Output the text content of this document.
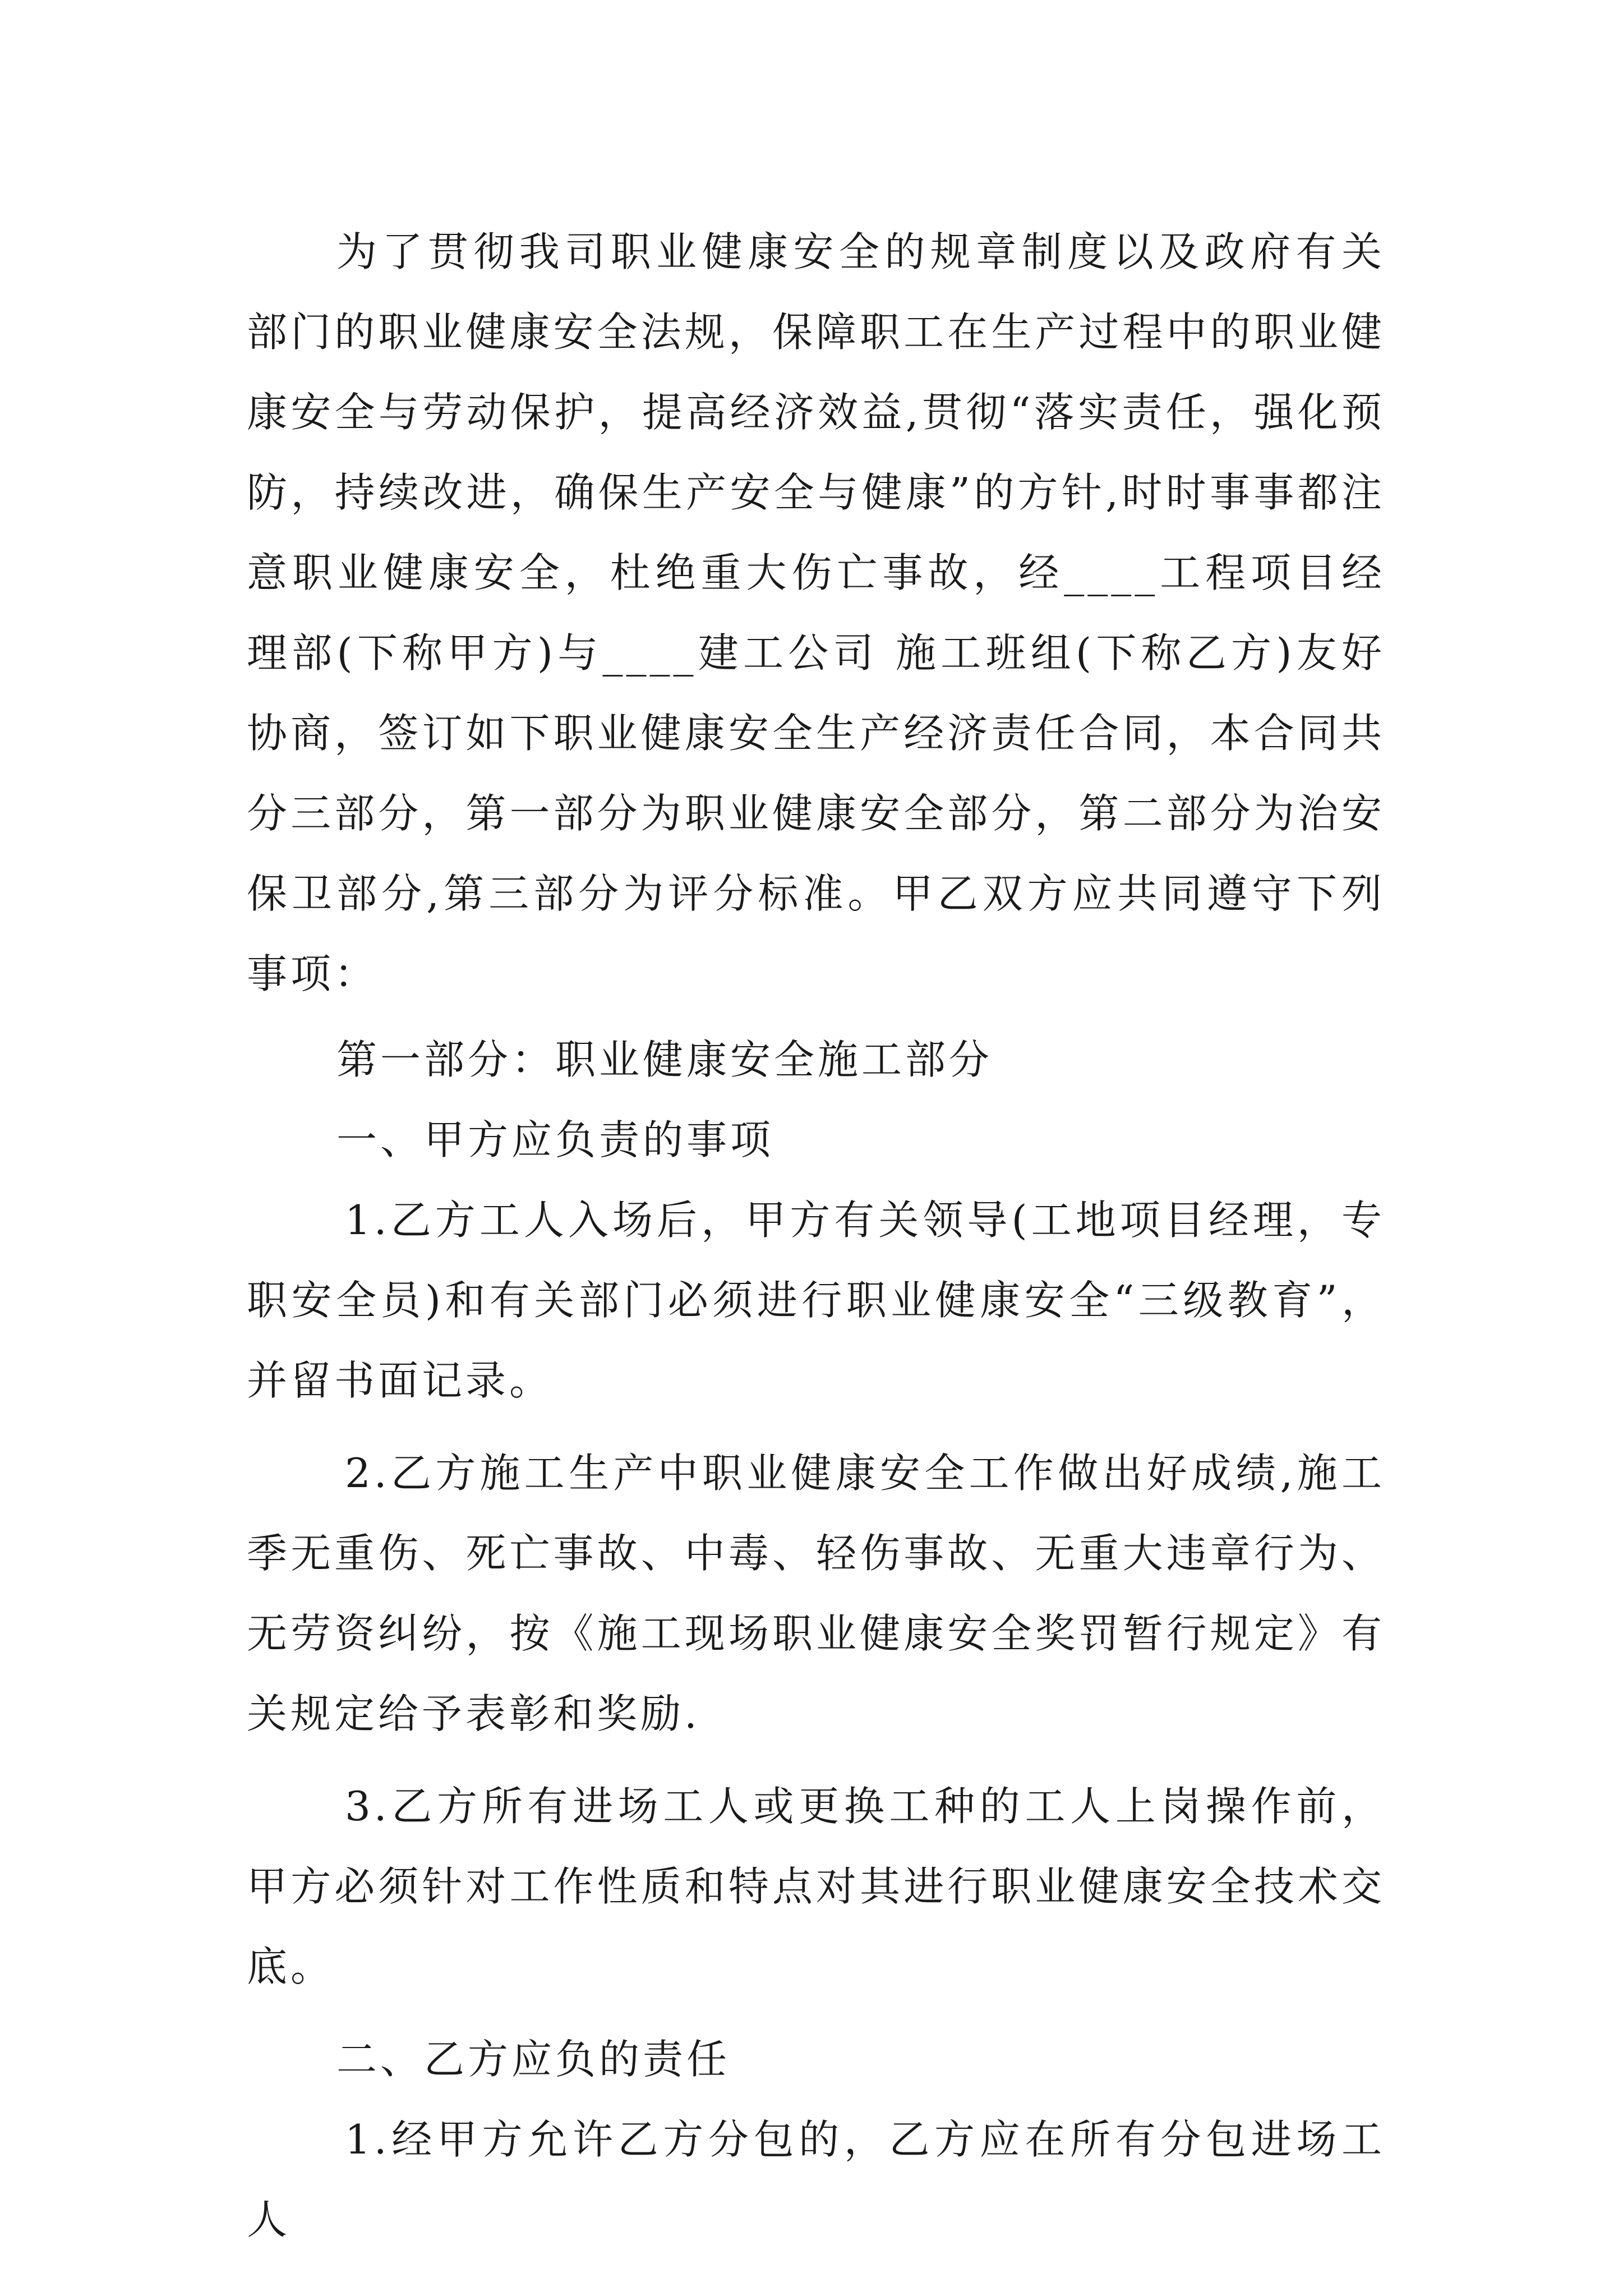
为了贯彻我司职业健康安全的规章制度以及政府有关部门的职业健康安全法规，保障职工在生产过程中的职业健康安全与劳动保护，提高经济效益,贯彻“落实责任，强化预防，持续改进，确保生产安全与健康”的方针,时时事事都注意职业健康安全，杜绝重大伤亡事故，经____工程项目经理部(下称甲方)与____建工公司 施工班组(下称乙方)友好协商，签订如下职业健康安全生产经济责任合同，本合同共分三部分，第一部分为职业健康安全部分，第二部分为治安保卫部分,第三部分为评分标准。甲乙双方应共同遵守下列事项：

第一部分：职业健康安全施工部分

一、甲方应负责的事项

1.乙方工人入场后，甲方有关领导(工地项目经理，专职安全员)和有关部门必须进行职业健康安全“三级教育”，并留书面记录。

2.乙方施工生产中职业健康安全工作做出好成绩,施工季无重伤、死亡事故、中毒、轻伤事故、无重大违章行为、无劳资纠纷，按《施工现场职业健康安全奖罚暂行规定》有关规定给予表彰和奖励.

3.乙方所有进场工人或更换工种的工人上岗操作前，甲方必须针对工作性质和特点对其进行职业健康安全技术交底。

二、乙方应负的责任

1.经甲方允许乙方分包的，乙方应在所有分包进场工人
